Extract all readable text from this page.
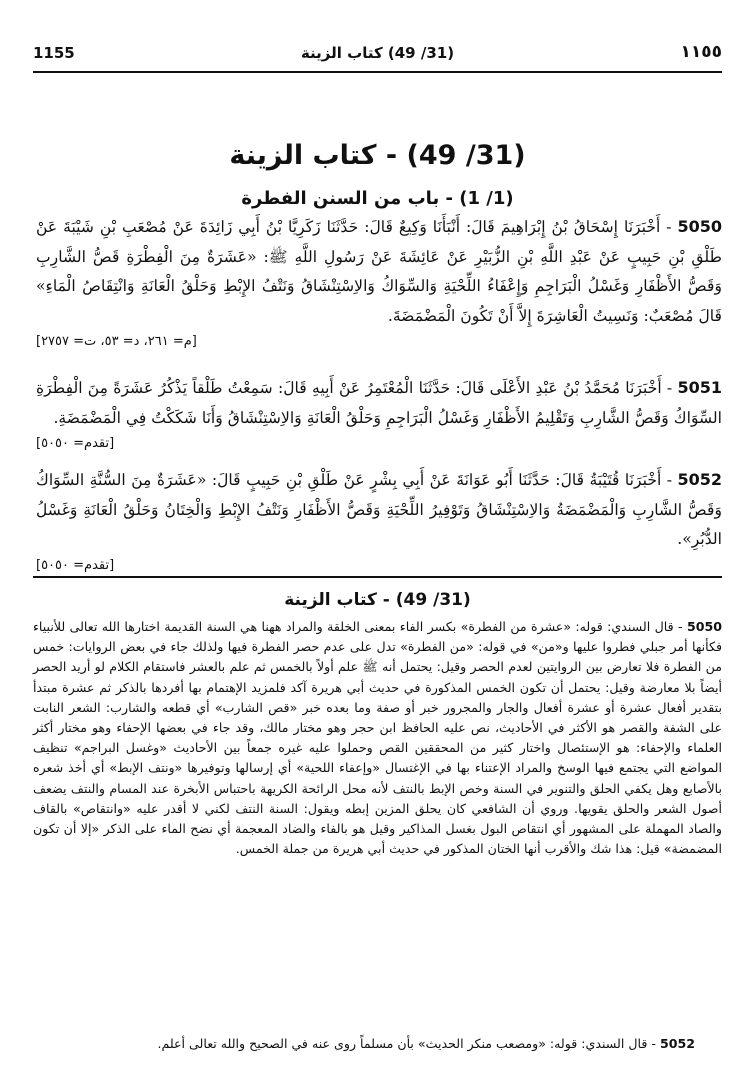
1155	(31/ 49) كتاب الزينة	١١٥٥
(31/ 49) - كتاب الزينة
(1/ 1) - باب من السنن الفطرة

5050 - أَخْبَرَنَا إِسْحَاقُ بْنُ إِبْرَاهِيمَ قَالَ: أَنْبَأَنَا وَكِيعٌ قَالَ: حَدَّثَنَا زَكَرِيَّا بْنُ أَبِي زَائِدَةَ عَنْ مُصْعَبِ بْنِ شَيْبَةَ عَنْ طَلْقِ بْنِ حَبِيبٍ عَنْ عَبْدِ اللَّهِ بْنِ الزُّبَيْرِ عَنْ عَائِشَةَ عَنْ رَسُولِ اللَّهِ ﷺ: «عَشَرَةٌ مِنَ الْفِطْرَةِ قَصُّ الشَّارِبِ وَقَصُّ الأَظْفَارِ وَغَسْلُ الْبَرَاجِمِ وَإِعْفَاءُ اللِّحْيَةِ وَالسِّوَاكُ وَالاِسْتِنْشَاقُ وَنَتْفُ الإِبْطِ وَحَلْقُ الْعَانَةِ وَانْتِقَاصُ الْمَاءِ» قَالَ مُصْعَبٌ: وَنَسِيتُ الْعَاشِرَةَ إِلاَّ أَنْ تَكُونَ الْمَضْمَضَةَ.

[م= ٢٦١، د= ٥٣، ت= ٢٧٥٧]

5051 - أَخْبَرَنَا مُحَمَّدُ بْنُ عَبْدِ الأَعْلَى قَالَ: حَدَّثَنَا الْمُعْتَمِرُ عَنْ أَبِيهِ قَالَ: سَمِعْتُ طَلْقاً يَذْكُرُ عَشَرَةً مِنَ الْفِطْرَةِ السِّوَاكُ وَقَصُّ الشَّارِبِ وَتَقْلِيمُ الأَظْفَارِ وَغَسْلُ الْبَرَاجِمِ وَحَلْقُ الْعَانَةِ وَالاِسْتِنْشَاقُ وَأَنَا شَكَكْتُ فِي الْمَضْمَضَةِ.

[تقدم= ٥٠٥٠]

5052 - أَخْبَرَنَا قُتَيْبَةُ قَالَ: حَدَّثَنَا أَبُو عَوَانَةَ عَنْ أَبِي بِشْرٍ عَنْ طَلْقِ بْنِ حَبِيبٍ قَالَ: «عَشَرَةٌ مِنَ السُّنَّةِ السِّوَاكُ وَقَصُّ الشَّارِبِ وَالْمَضْمَضَةُ وَالاِسْتِنْشَاقُ وَتَوْفِيرُ اللِّحْيَةِ وَقَصُّ الأَظْفَارِ وَنَتْفُ الإِبْطِ وَالْخِتَانُ وَحَلْقُ الْعَانَةِ وَغَسْلُ الدُّبُرِ».

[تقدم= ٥٠٥٠]

(31/ 49) - كتاب الزينة

5050 - قال السندي: قوله: «عشرة من الفطرة» بكسر الفاء بمعنى الخلقة والمراد ههنا هي السنة القديمة اختارها الله تعالى للأنبياء فكأنها أمر جبلي فطروا عليها و«من» في قوله: «من الفطرة» تدل على عدم حصر الفطرة فيها ولذلك جاء في بعض الروايات: خمس من الفطرة فلا تعارض بين الروايتين لعدم الحصر وقيل: يحتمل أنه ﷺ علم أولاً بالخمس ثم علم بالعشر فاستقام الكلام لو أريد الحصر أيضاً بلا معارضة وقيل: يحتمل أن تكون الخمس المذكورة في حديث أبي هريرة آكد فلمزيد الإهتمام بها أفردها بالذكر ثم عشرة مبتدأ بتقدير أفعال عشرة أو عشرة أفعال والجار والمجرور خبر أو صفة وما بعده خبر «قص الشارب» أي قطعه والشارب: الشعر النابت على الشفة والقصر هو الأكثر في الأحاديث، نص عليه الحافظ ابن حجر وهو مختار مالك، وقد جاء في بعضها الإحفاء وهو مختار أكثر العلماء والإحفاء: هو الإستئصال واختار كثير من المحققين القص وحملوا عليه غيره جمعاً بين الأحاديث «وغسل البراجم» تنظيف المواضع التي يجتمع فيها الوسخ والمراد الإعتناء بها في الإغتسال «وإعفاء اللحية» أي إرسالها وتوفيرها «ونتف الإبط» أي أخذ شعره بالأصابع وهل يكفي الحلق والتنوير في السنة وخص الإبط بالنتف لأنه محل الرائحة الكريهة باحتباس الأبخرة عند المسام والنتف يضعف أصول الشعر والحلق يقويها. وروي أن الشافعي كان يحلق المزين إبطه ويقول: السنة النتف لكني لا أقدر عليه «وانتقاص» بالقاف والصاد المهملة على المشهور أي انتقاص البول بغسل المذاكير وقيل هو بالفاء والضاد المعجمة أي نضح الماء على الذكر «إلا أن تكون المضمضة» قيل: هذا شك والأقرب أنها الختان المذكور في حديث أبي هريرة من جملة الخمس.

5052 - قال السندي: قوله: «ومصعب منكر الحديث» بأن مسلماً روى عنه في الصحيح والله تعالى أعلم.
